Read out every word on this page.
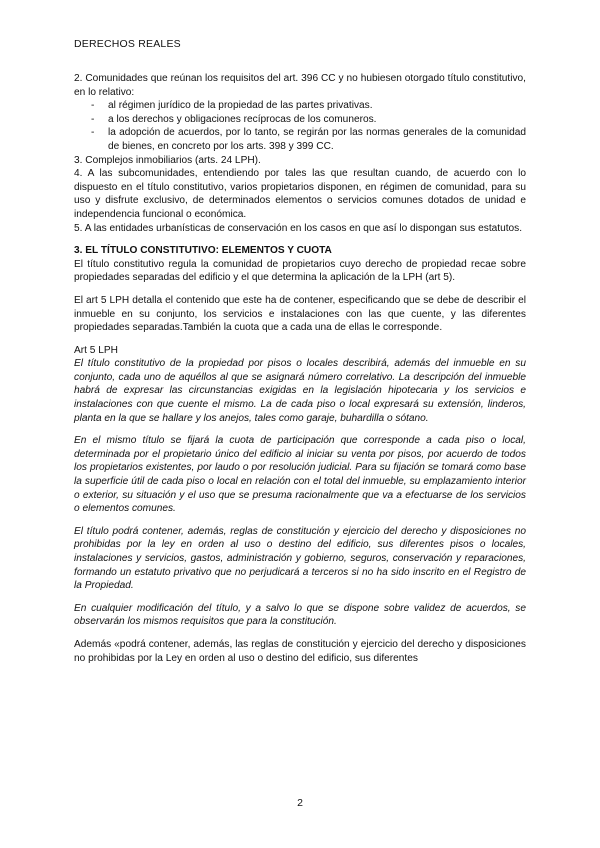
DERECHOS REALES

2. Comunidades que reúnan los requisitos del art. 396 CC y no hubiesen otorgado título constitutivo, en lo relativo:

- al régimen jurídico de la propiedad de las partes privativas.
- a los derechos y obligaciones recíprocas de los comuneros.
- la adopción de acuerdos, por lo tanto, se regirán por las normas generales de la comunidad de bienes, en concreto por los arts. 398 y 399 CC.

3. Complejos inmobiliarios (arts. 24 LPH).

4. A las subcomunidades, entendiendo por tales las que resultan cuando, de acuerdo con lo dispuesto en el título constitutivo, varios propietarios disponen, en régimen de comunidad, para su uso y disfrute exclusivo, de determinados elementos o servicios comunes dotados de unidad e independencia funcional o económica.

5. A las entidades urbanísticas de conservación en los casos en que así lo dispongan sus estatutos.

3. EL TÍTULO CONSTITUTIVO: ELEMENTOS Y CUOTA

El título constitutivo regula la comunidad de propietarios cuyo derecho de propiedad recae sobre propiedades separadas del edificio y el que determina la aplicación de la LPH (art 5).

El art 5 LPH detalla el contenido que este ha de contener, especificando que se debe de describir el inmueble en su conjunto, los servicios e instalaciones con las que cuente, y las diferentes propiedades separadas.También la cuota que a cada una de ellas le corresponde.

Art 5 LPH

El título constitutivo de la propiedad por pisos o locales describirá, además del inmueble en su conjunto, cada uno de aquéllos al que se asignará número correlativo. La descripción del inmueble habrá de expresar las circunstancias exigidas en la legislación hipotecaria y los servicios e instalaciones con que cuente el mismo. La de cada piso o local expresará su extensión, linderos, planta en la que se hallare y los anejos, tales como garaje, buhardilla o sótano.

En el mismo título se fijará la cuota de participación que corresponde a cada piso o local, determinada por el propietario único del edificio al iniciar su venta por pisos, por acuerdo de todos los propietarios existentes, por laudo o por resolución judicial. Para su fijación se tomará como base la superficie útil de cada piso o local en relación con el total del inmueble, su emplazamiento interior o exterior, su situación y el uso que se presuma racionalmente que va a efectuarse de los servicios o elementos comunes.

El título podrá contener, además, reglas de constitución y ejercicio del derecho y disposiciones no prohibidas por la ley en orden al uso o destino del edificio, sus diferentes pisos o locales, instalaciones y servicios, gastos, administración y gobierno, seguros, conservación y reparaciones, formando un estatuto privativo que no perjudicará a terceros si no ha sido inscrito en el Registro de la Propiedad.

En cualquier modificación del título, y a salvo lo que se dispone sobre validez de acuerdos, se observarán los mismos requisitos que para la constitución.

Además «podrá contener, además, las reglas de constitución y ejercicio del derecho y disposiciones no prohibidas por la Ley en orden al uso o destino del edificio, sus diferentes

2
